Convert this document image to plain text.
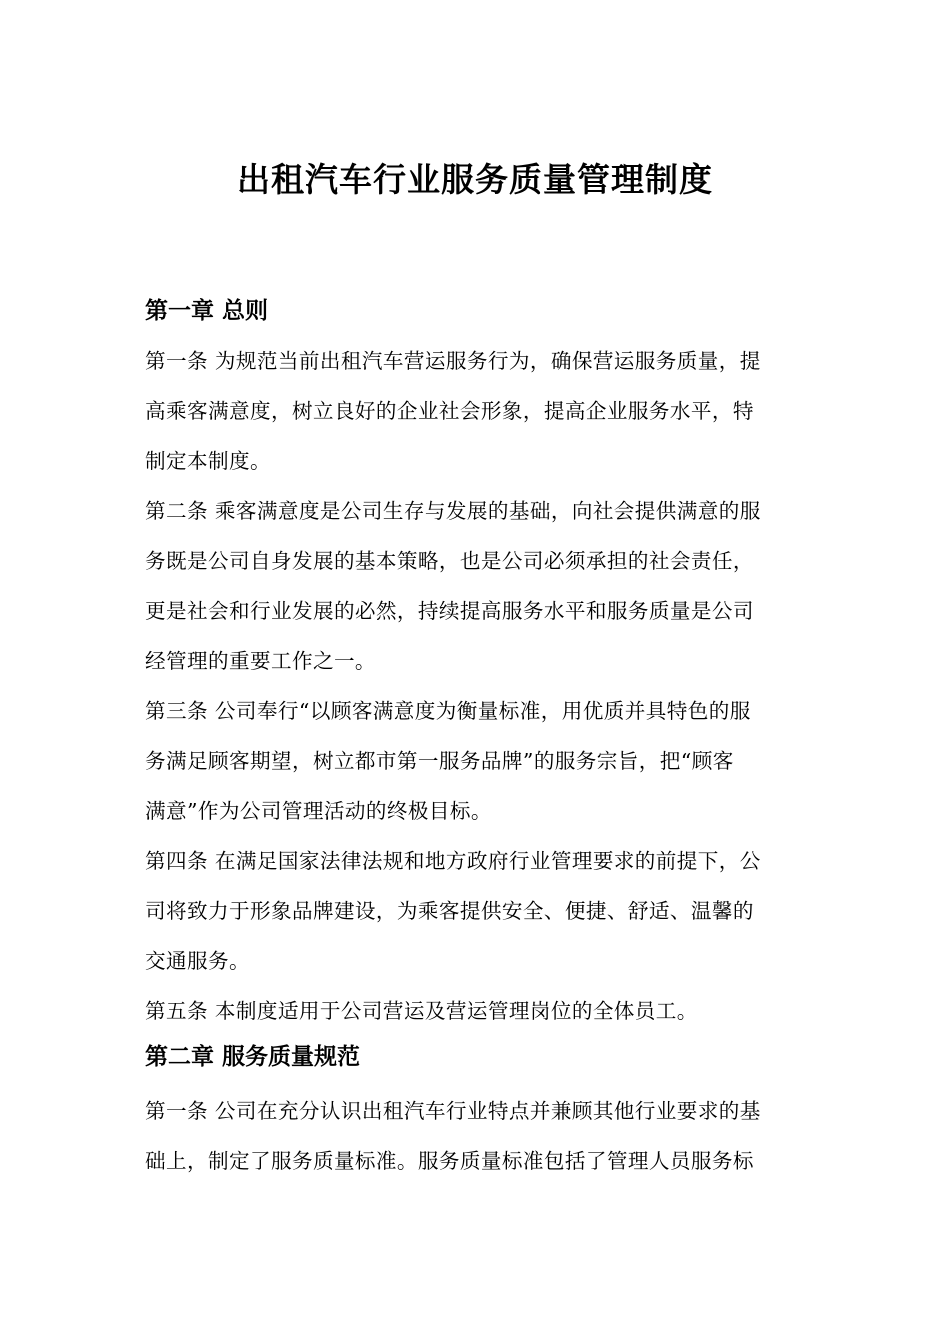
出租汽车行业服务质量管理制度
第一章 总则
第一条 为规范当前出租汽车营运服务行为，确保营运服务质量，提
高乘客满意度，树立良好的企业社会形象，提高企业服务水平，特
制定本制度。
第二条 乘客满意度是公司生存与发展的基础，向社会提供满意的服
务既是公司自身发展的基本策略，也是公司必须承担的社会责任，
更是社会和行业发展的必然，持续提高服务水平和服务质量是公司
经管理的重要工作之一。
第三条 公司奉行“以顾客满意度为衡量标准，用优质并具特色的服
务满足顾客期望，树立都市第一服务品牌”的服务宗旨，把“顾客
满意”作为公司管理活动的终极目标。
第四条 在满足国家法律法规和地方政府行业管理要求的前提下，公
司将致力于形象品牌建设，为乘客提供安全、便捷、舒适、温馨的
交通服务。
第五条 本制度适用于公司营运及营运管理岗位的全体员工。
第二章 服务质量规范
第一条 公司在充分认识出租汽车行业特点并兼顾其他行业要求的基
础上，制定了服务质量标准。服务质量标准包括了管理人员服务标
